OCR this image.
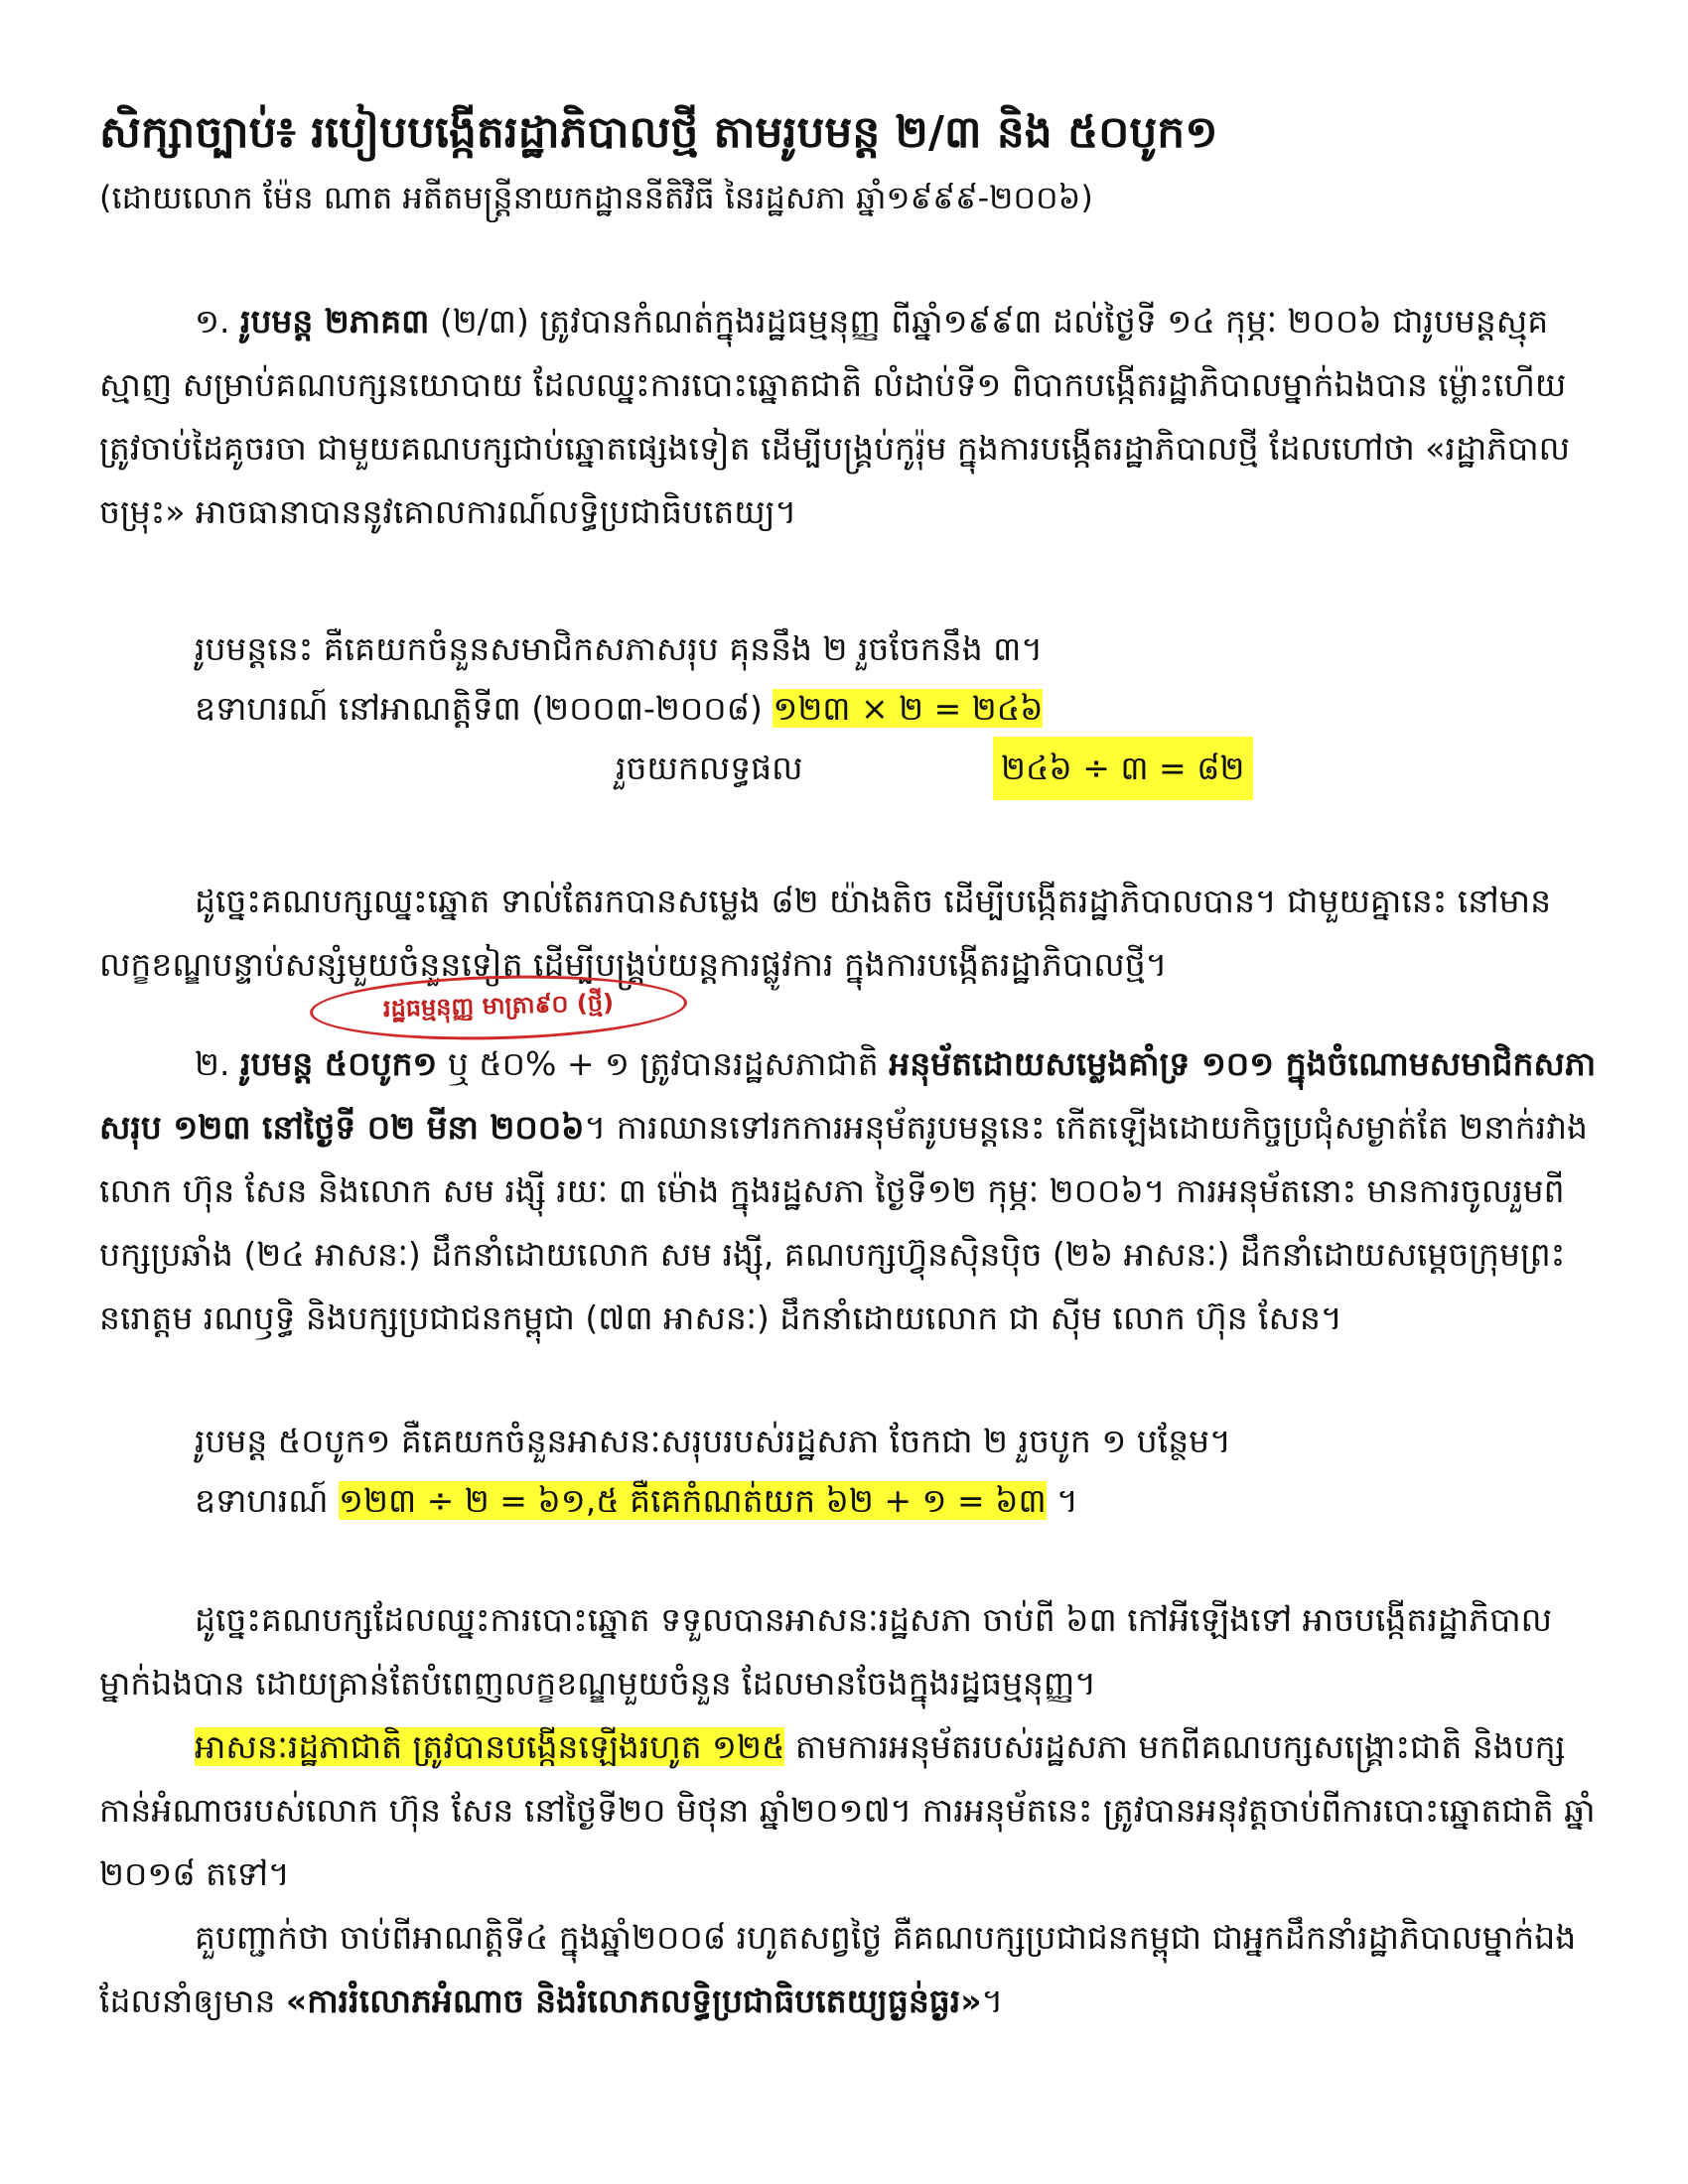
សិក្សាច្បាប់៖ របៀបបង្កើតរដ្ឋាភិបាលថ្មី តាមរូបមន្ត ២/៣ និង ៥០បូក១

(ដោយលោក ម៉ែន ណាត អតីតមន្ត្រីនាយកដ្ឋាននីតិវិធី នៃរដ្ឋសភា ឆ្នាំ១៩៩៩-២០០៦)

១. រូបមន្ត ២ភាគ៣ (២/៣) ត្រូវបានកំណត់ក្នុងរដ្ឋធម្មនុញ្ញ ពីឆ្នាំ១៩៩៣ ដល់ថ្ងៃទី ១៤ កុម្ភៈ ២០០៦ ជារូបមន្តស្មុគស្មាញ សម្រាប់គណបក្សនយោបាយ ដែលឈ្នះការបោះឆ្នោតជាតិ លំដាប់ទី១ ពិបាកបង្កើតរដ្ឋាភិបាលម្នាក់ឯងបាន ម្ល៉ោះហើយត្រូវចាប់ដៃគូចរចា ជាមួយគណបក្សជាប់ឆ្នោតផ្សេងទៀត ដើម្បីបង្គ្រប់កូរ៉ុម ក្នុងការបង្កើតរដ្ឋាភិបាលថ្មី ដែលហៅថា «រដ្ឋាភិបាលចម្រុះ» អាចធានាបាននូវគោលការណ៍លទ្ធិប្រជាធិបតេយ្យ។

រូបមន្តនេះ គឺគេយកចំនួនសមាជិកសភាសរុប គុននឹង ២ រួចចែកនឹង ៣។
ឧទាហរណ៍ នៅអាណត្តិទី៣ (២០០៣-២០០៨) ១២៣ × ២ = ២៤៦
រួចយកលទ្ធផល	២៤៦ ÷ ៣ = ៨២

ដូច្នេះគណបក្សឈ្នះឆ្នោត ទាល់តែរកបានសម្លេង ៨២ យ៉ាងតិច ដើម្បីបង្កើតរដ្ឋាភិបាលបាន។ ជាមួយគ្នានេះ នៅមានលក្ខខណ្ឌបន្ទាប់សន្សំមួយចំនួនទៀត ដើម្បីបង្គ្រប់យន្តការផ្លូវការ ក្នុងការបង្កើតរដ្ឋាភិបាលថ្មី។

រដ្ឋធម្មនុញ្ញ មាត្រា៩០ (ថ្មី)

២. រូបមន្ត ៥០បូក១ ឬ ៥០% + ១ ត្រូវបានរដ្ឋសភាជាតិ អនុម័តដោយសម្លេងគាំទ្រ ១០១ ក្នុងចំណោមសមាជិកសភាសរុប ១២៣ នៅថ្ងៃទី ០២ មីនា ២០០៦។ ការឈានទៅរកការអនុម័តរូបមន្តនេះ កើតឡើងដោយកិច្ចប្រជុំសម្ងាត់តែ ២នាក់រវាងលោក ហ៊ុន សែន និងលោក សម រង្ស៊ី រយៈ ៣ ម៉ោង ក្នុងរដ្ឋសភា ថ្ងៃទី១២ កុម្ភៈ ២០០៦។ ការអនុម័តនោះ មានការចូលរួមពីបក្សប្រឆាំង (២៤ អាសនៈ) ដឹកនាំដោយលោក សម រង្ស៊ី, គណបក្សហ៊្វុនស៊ិនប៉ិច (២៦ អាសនៈ) ដឹកនាំដោយសម្តេចក្រុមព្រះ នរោត្តម រណឫទ្ធិ និងបក្សប្រជាជនកម្ពុជា (៧៣ អាសនៈ) ដឹកនាំដោយលោក ជា ស៊ីម លោក ហ៊ុន សែន។

រូបមន្ត ៥០បូក១ គឺគេយកចំនួនអាសនៈសរុបរបស់រដ្ឋសភា ចែកជា ២ រួចបូក ១ បន្ថែម។
ឧទាហរណ៍ ១២៣ ÷ ២ = ៦១,៥ គឺគេកំណត់យក ៦២ + ១ = ៦៣ ។

ដូច្នេះគណបក្សដែលឈ្នះការបោះឆ្នោត ទទួលបានអាសនៈរដ្ឋសភា ចាប់ពី ៦៣ កៅអីឡើងទៅ អាចបង្កើតរដ្ឋាភិបាលម្នាក់ឯងបាន ដោយគ្រាន់តែបំពេញលក្ខខណ្ឌមួយចំនួន ដែលមានចែងក្នុងរដ្ឋធម្មនុញ្ញ។

អាសនៈរដ្ឋភាជាតិ ត្រូវបានបង្កើនឡើងរហូត ១២៥ តាមការអនុម័តរបស់រដ្ឋសភា មកពីគណបក្សសង្គ្រោះជាតិ និងបក្សកាន់អំណាចរបស់លោក ហ៊ុន សែន នៅថ្ងៃទី២០ មិថុនា ឆ្នាំ២០១៧។ ការអនុម័តនេះ ត្រូវបានអនុវត្តចាប់ពីការបោះឆ្នោតជាតិ ឆ្នាំ ២០១៨ តទៅ។

គួបញ្ជាក់ថា ចាប់ពីអាណត្តិទី៤ ក្នុងឆ្នាំ២០០៨ រហូតសព្វថ្ងៃ គឺគណបក្សប្រជាជនកម្ពុជា ជាអ្នកដឹកនាំរដ្ឋាភិបាលម្នាក់ឯង ដែលនាំឲ្យមាន «ការរំលោភអំណាច និងរំលោភលទ្ធិប្រជាធិបតេយ្យធ្ងន់ធ្ងរ»។
